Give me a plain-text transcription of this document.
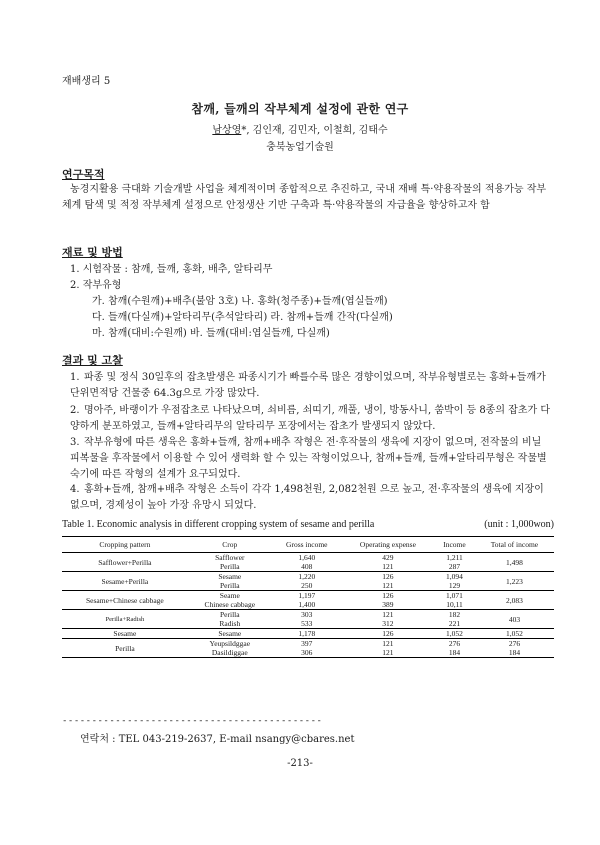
재배생리 5
참깨, 들깨의 작부체계 설정에 관한 연구
남상영*, 김인재, 김민자, 이철희, 김태수
충북농업기술원
연구목적
농경지활용 극대화 기술개발 사업을 체계적이며 종합적으로 추진하고, 국내 재배 특·약용작물의 적용가능 작부체계 탐색 및 적정 작부체계 설정으로 안정생산 기반 구축과 특·약용작물의 자급율을 향상하고자 함
재료 및 방법
1. 시험작물 : 참깨, 들깨, 홍화, 배추, 알타리무
2. 작부유형
가. 참깨(수원깨)+배추(불암 3호) 나. 홍화(청주종)+들깨(엽실들깨)
다. 들깨(다실깨)+알타리무(추석알타리) 라. 참깨+들깨 간작(다실깨)
마. 참깨(대비:수원깨) 바. 들깨(대비:엽실들깨, 다실깨)
결과 및 고찰
1. 파종 및 정식 30일후의 잡초발생은 파종시기가 빠를수록 많은 경향이었으며, 작부유형별로는 홍화+들깨가 단위면적당 건물중 64.3g으로 가장 많았다.
2. 명아주, 바랭이가 우점잡초로 나타났으며, 쇠비름, 쇠띠기, 깨풀, 냉이, 방동사니, 쑴박이 등 8종의 잡초가 다양하게 분포하였고, 들깨+알타리무의 알타리무 포장에서는 잡초가 발생되지 않았다.
3. 작부유형에 따른 생육은 홍화+들깨, 참깨+배추 작형은 전·후작물의 생육에 지장이 없으며, 전작물의 비닐피복물을 후작물에서 이용할 수 있어 생력화 할 수 있는 작형이었으나, 참깨+들깨, 들깨+알타리무형은 작물별 숙기에 따른 작형의 설계가 요구되었다.
4. 홍화+들깨, 참깨+배추 작형은 소득이 각각 1,498천원, 2,082천원 으로 높고, 전·후작물의 생육에 지장이 없으며, 경제성이 높아 가장 유망시 되었다.
Table 1. Economic analysis in different cropping system of sesame and perilla	(unit : 1,000won)
Cropping pattern	Crop	Gross income	Operating expense	Income	Total of income
Safflower+Perilla	Safflower	1,640	429	1,211	1,498
	Perilla	408	121	287	
Sesame+Perilla	Sesame	1,220	126	1,094	1,223
	Perilla	250	121	129	
Sesame+Chinese cabbage	Seame	1,197	126	1,071	2,083
	Chinese cabbage	1,400	389	10,11	
Perilla+Radish	Perilla	303	121	182	403
	Radish	533	312	221	
Sesame	Sesame	1,178	126	1,052	1,052
Perilla	Yeupsildggae	397	121	276	276
	Dasildiggae	306	121	184	184
--------------------------------------------
연락처 : TEL 043-219-2637, E-mail nsangy@cbares.net
-213-
